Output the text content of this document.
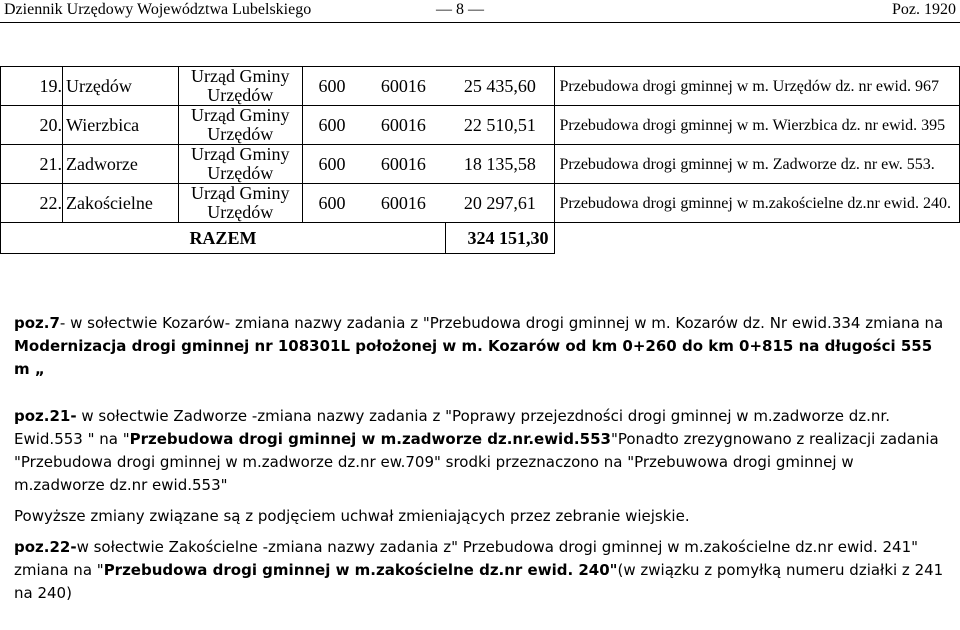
Dziennik Urzędowy Województwa Lubelskiego	— 8 —	Poz. 1920
19.	Urzędów	Urząd Gminy Urzędów	600	60016	25 435,60	Przebudowa drogi gminnej w m. Urzędów dz. nr ewid. 967
20.	Wierzbica	Urząd Gminy Urzędów	600	60016	22 510,51	Przebudowa drogi gminnej w m. Wierzbica dz. nr ewid. 395
21.	Zadworze	Urząd Gminy Urzędów	600	60016	18 135,58	Przebudowa drogi gminnej w m. Zadworze dz. nr ew. 553.
22.	Zakościelne	Urząd Gminy Urzędów	600	60016	20 297,61	Przebudowa drogi gminnej w m.zakościelne dz.nr ewid. 240.
RAZEM					324 151,30	

poz.7- w sołectwie Kozarów- zmiana nazwy zadania z "Przebudowa drogi gminnej w m. Kozarów dz. Nr ewid.334 zmiana na Modernizacja drogi gminnej nr 108301L położonej w m. Kozarów od km 0+260 do km 0+815 na długości 555 m „

poz.21- w sołectwie Zadworze -zmiana nazwy zadania z "Poprawy przejezdności drogi gminnej w m.zadworze dz.nr. Ewid.553 " na "Przebudowa drogi gminnej w m.zadworze dz.nr.ewid.553"Ponadto zrezygnowano z realizacji zadania "Przebudowa drogi gminnej w m.zadworze dz.nr ew.709" srodki przeznaczono na "Przebuwowa drogi gminnej w m.zadworze dz.nr ewid.553"

Powyższe zmiany związane są z podjęciem uchwał zmieniających przez zebranie wiejskie.

poz.22-w sołectwie Zakościelne -zmiana nazwy zadania z" Przebudowa drogi gminnej w m.zakościelne dz.nr ewid. 241" zmiana na "Przebudowa drogi gminnej w m.zakościelne dz.nr ewid. 240"(w związku z pomyłką numeru działki z 241 na 240)
